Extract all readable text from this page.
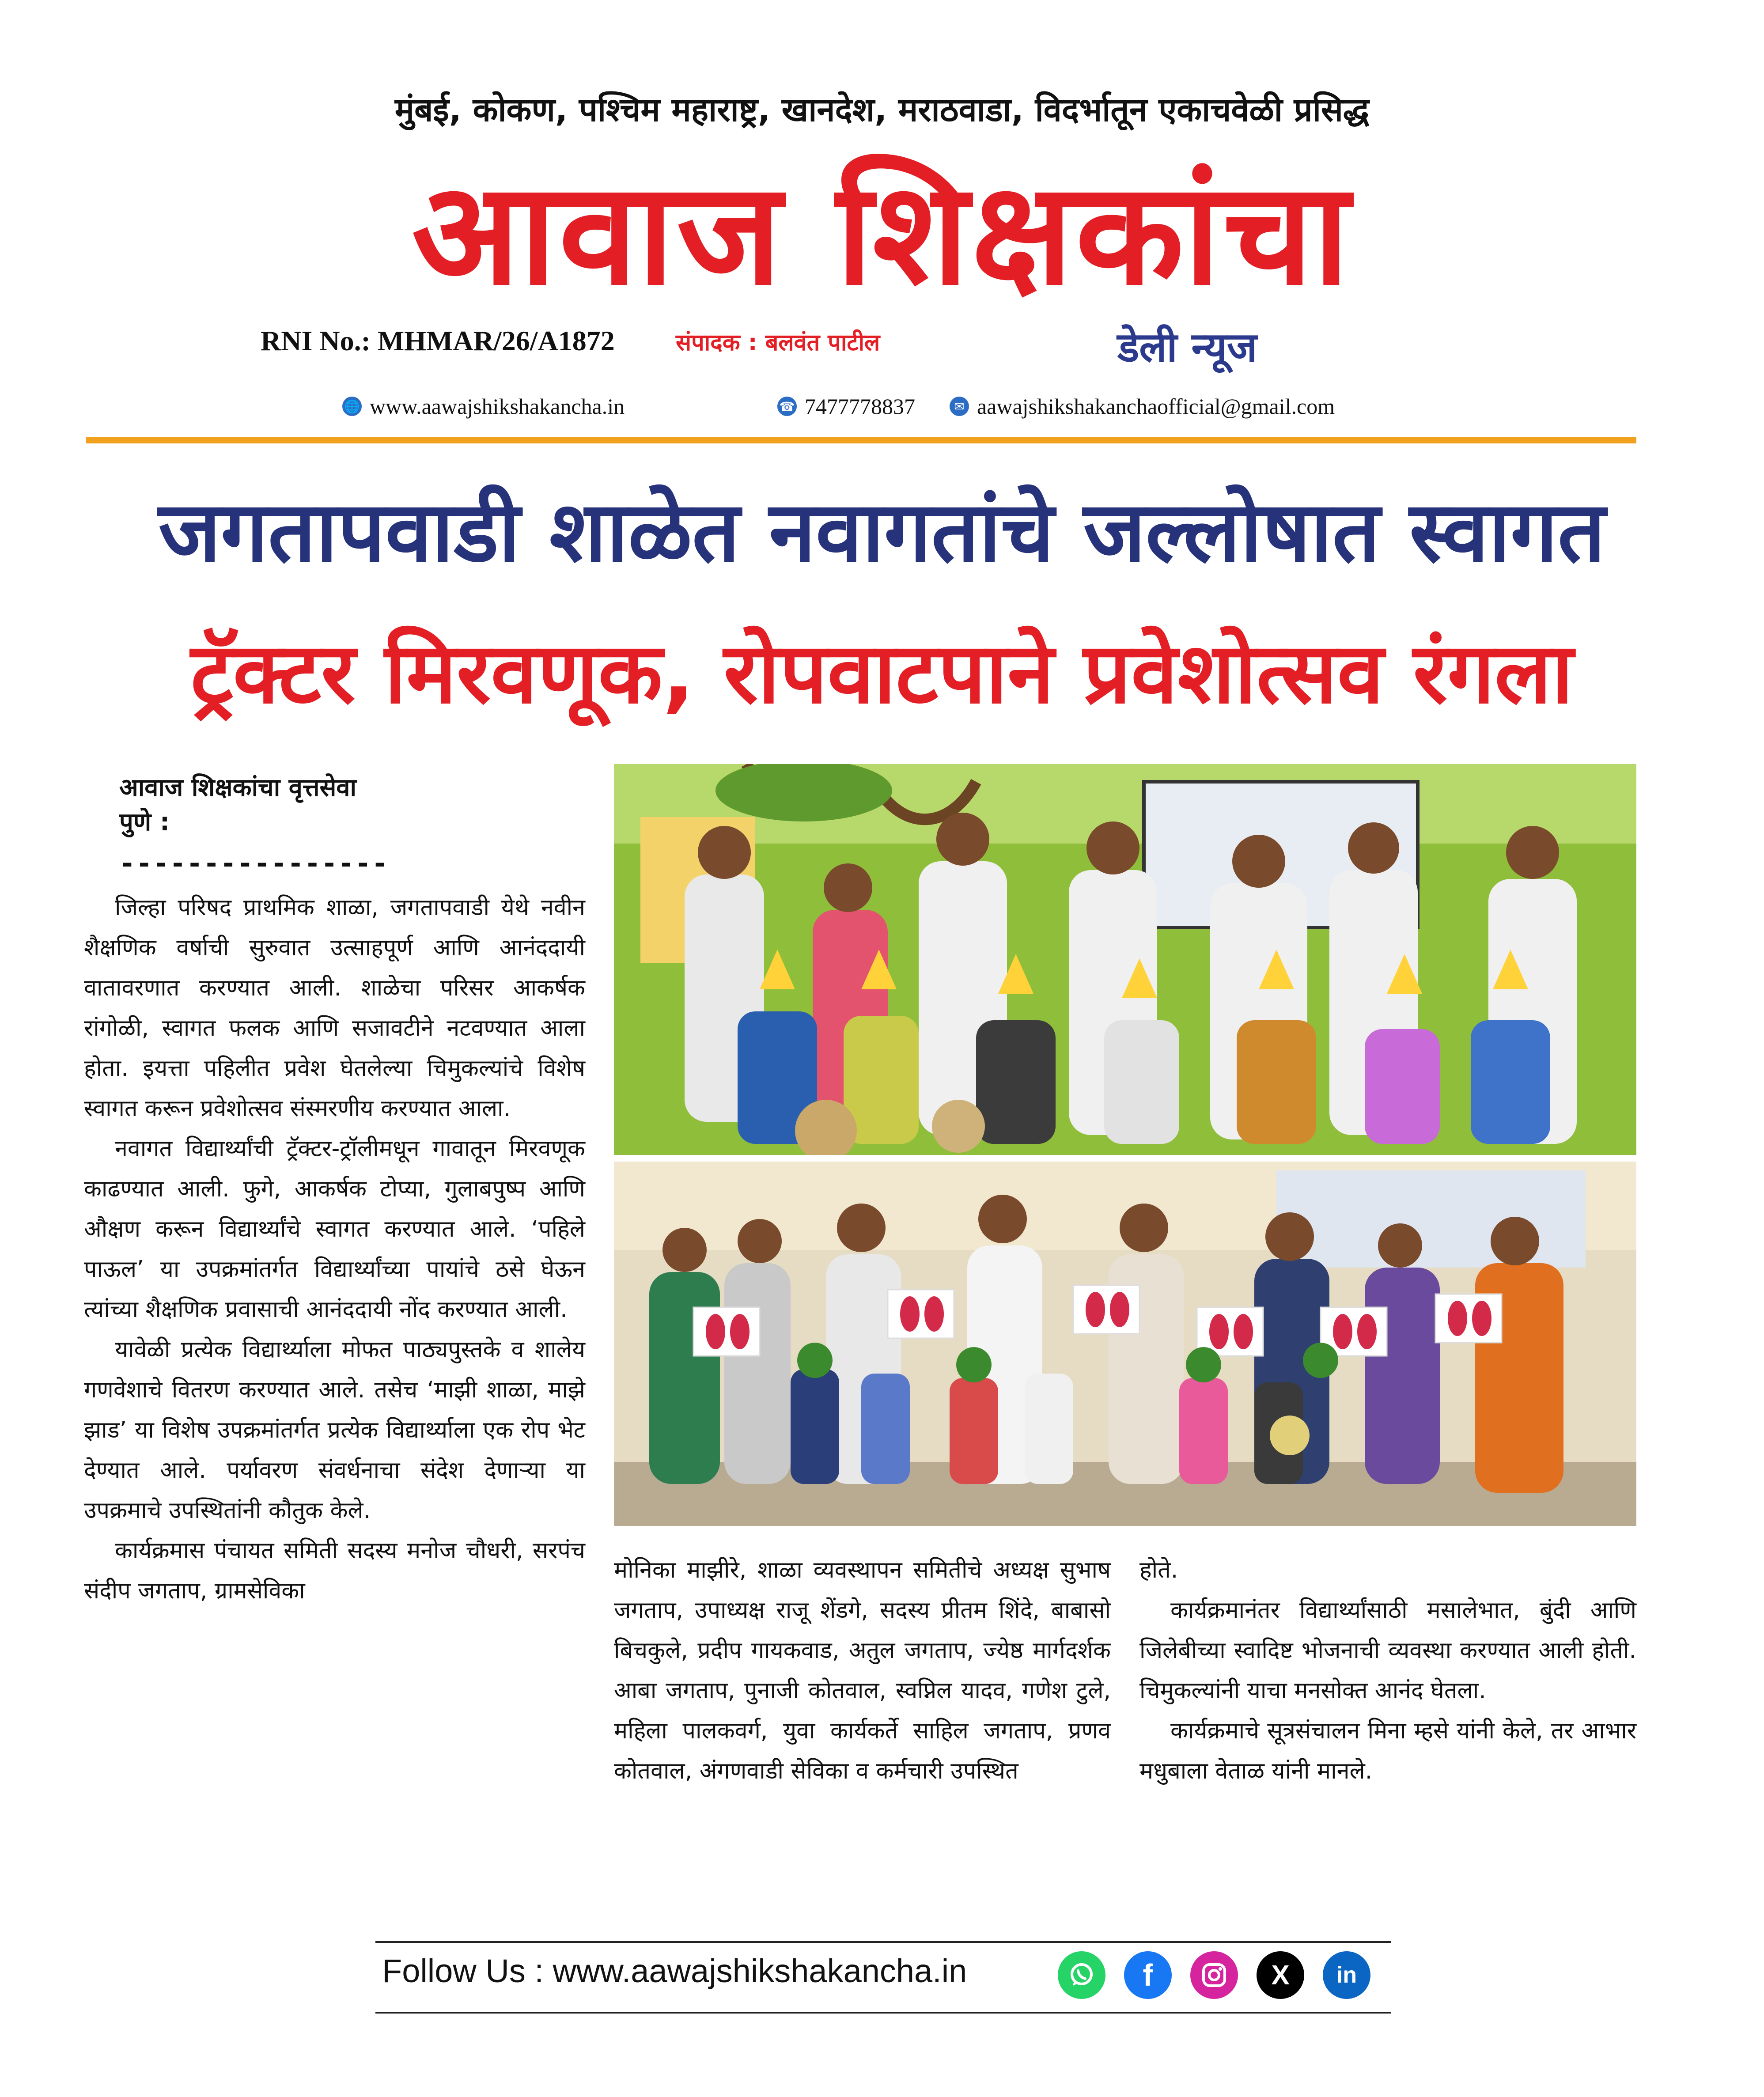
मुंबई, कोकण, पश्चिम महाराष्ट्र, खानदेश, मराठवाडा, विदर्भातून एकाचवेळी प्रसिद्ध
आवाज शिक्षकांचा
RNI No.: MHMAR/26/A1872	संपादक : बलवंत पाटील	डेली न्यूज
🌐 www.aawajshikshakancha.in	☎ 7477778837	✉ aawajshikshakanchaofficial@gmail.com
जगतापवाडी शाळेत नवागतांचे जल्लोषात स्वागत
ट्रॅक्टर मिरवणूक, रोपवाटपाने प्रवेशोत्सव रंगला
आवाज शिक्षकांचा वृत्तसेवा
पुणे :
----------------

जिल्हा परिषद प्राथमिक शाळा, जगतापवाडी येथे नवीन शैक्षणिक वर्षाची सुरुवात उत्साहपूर्ण आणि आनंददायी वातावरणात करण्यात आली. शाळेचा परिसर आकर्षक रांगोळी, स्वागत फलक आणि सजावटीने नटवण्यात आला होता. इयत्ता पहिलीत प्रवेश घेतलेल्या चिमुकल्यांचे विशेष स्वागत करून प्रवेशोत्सव संस्मरणीय करण्यात आला.

नवागत विद्यार्थ्यांची ट्रॅक्टर-ट्रॉलीमधून गावातून मिरवणूक काढण्यात आली. फुगे, आकर्षक टोप्या, गुलाबपुष्प आणि औक्षण करून विद्यार्थ्यांचे स्वागत करण्यात आले. ‘पहिले पाऊल’ या उपक्रमांतर्गत विद्यार्थ्यांच्या पायांचे ठसे घेऊन त्यांच्या शैक्षणिक प्रवासाची आनंददायी नोंद करण्यात आली.

यावेळी प्रत्येक विद्यार्थ्याला मोफत पाठ्यपुस्तके व शालेय गणवेशाचे वितरण करण्यात आले. तसेच ‘माझी शाळा, माझे झाड’ या विशेष उपक्रमांतर्गत प्रत्येक विद्यार्थ्याला एक रोप भेट देण्यात आले. पर्यावरण संवर्धनाचा संदेश देणाऱ्या या उपक्रमाचे उपस्थितांनी कौतुक केले.

कार्यक्रमास पंचायत समिती सदस्य मनोज चौधरी, सरपंच संदीप जगताप, ग्रामसेविका

मोनिका माझीरे, शाळा व्यवस्थापन समितीचे अध्यक्ष सुभाष जगताप, उपाध्यक्ष राजू शेंडगे, सदस्य प्रीतम शिंदे, बाबासो बिचकुले, प्रदीप गायकवाड, अतुल जगताप, ज्येष्ठ मार्गदर्शक आबा जगताप, पुनाजी कोतवाल, स्वप्निल यादव, गणेश टुले, महिला पालकवर्ग, युवा कार्यकर्ते साहिल जगताप, प्रणव कोतवाल, अंगणवाडी सेविका व कर्मचारी उपस्थित

होते.

कार्यक्रमानंतर विद्यार्थ्यांसाठी मसालेभात, बुंदी आणि जिलेबीच्या स्वादिष्ट भोजनाची व्यवस्था करण्यात आली होती. चिमुकल्यांनी याचा मनसोक्त आनंद घेतला.

कार्यक्रमाचे सूत्रसंचालन मिना म्हसे यांनी केले, तर आभार मधुबाला वेताळ यांनी मानले.

Follow Us : www.aawajshikshakancha.in	f	X in
